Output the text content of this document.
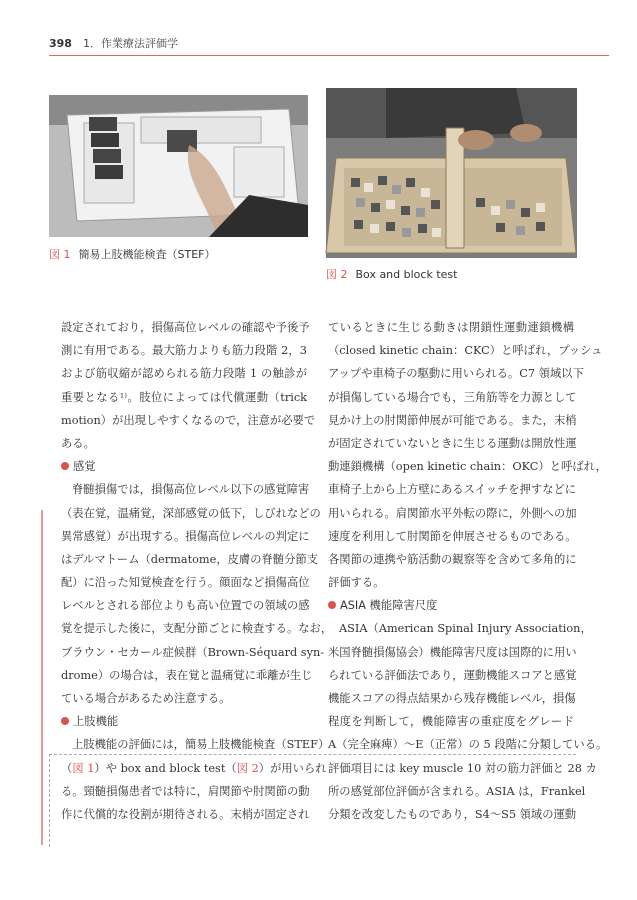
398 1．作業療法評価学
図 1 簡易上肢機能検査（STEF）
図 2 Box and block test
設定されており，損傷高位レベルの確認や予後予
測に有用である。最大筋力よりも筋力段階 2，3
および筋収縮が認められる筋力段階 1 の触診が
重要となる¹⁾。肢位によっては代償運動（trick
motion）が出現しやすくなるので，注意が必要で
ある。
感覚
脊髄損傷では，損傷高位レベル以下の感覚障害
（表在覚，温痛覚，深部感覚の低下，しびれなどの
異常感覚）が出現する。損傷高位レベルの判定に
はデルマトーム（dermatome，皮膚の脊髄分節支
配）に沿った知覚検査を行う。顔面など損傷高位
レベルとされる部位よりも高い位置での領域の感
覚を提示した後に，支配分節ごとに検査する。なお，
ブラウン・セカール症候群（Brown-Séquard syn-
drome）の場合は，表在覚と温痛覚に乖離が生じ
ている場合があるため注意する。
上肢機能
上肢機能の評価には，簡易上肢機能検査（STEF）
（図 1）や box and block test（図 2）が用いられ
る。頸髄損傷患者では特に，肩関節や肘関節の動
作に代償的な役割が期待される。末梢が固定され
ているときに生じる動きは閉鎖性運動連鎖機構
（closed kinetic chain：CKC）と呼ばれ，プッシュ
アップや車椅子の駆動に用いられる。C7 領域以下
が損傷している場合でも，三角筋等を力源として
見かけ上の肘関節伸展が可能である。また，末梢
が固定されていないときに生じる運動は開放性運
動連鎖機構（open kinetic chain：OKC）と呼ばれ，
車椅子上から上方壁にあるスイッチを押すなどに
用いられる。肩関節水平外転の際に，外側への加
速度を利用して肘関節を伸展させるものである。
各関節の連携や筋活動の観察等を含めて多角的に
評価する。
ASIA 機能障害尺度
ASIA（American Spinal Injury Association，
米国脊髄損傷協会）機能障害尺度は国際的に用い
られている評価法であり，運動機能スコアと感覚
機能スコアの得点結果から残存機能レベル，損傷
程度を判断して，機能障害の重症度をグレード
A（完全麻痺）～E（正常）の 5 段階に分類している。
評価項目には key muscle 10 対の筋力評価と 28 カ
所の感覚部位評価が含まれる。ASIA は，Frankel
分類を改変したものであり，S4～S5 領域の運動
